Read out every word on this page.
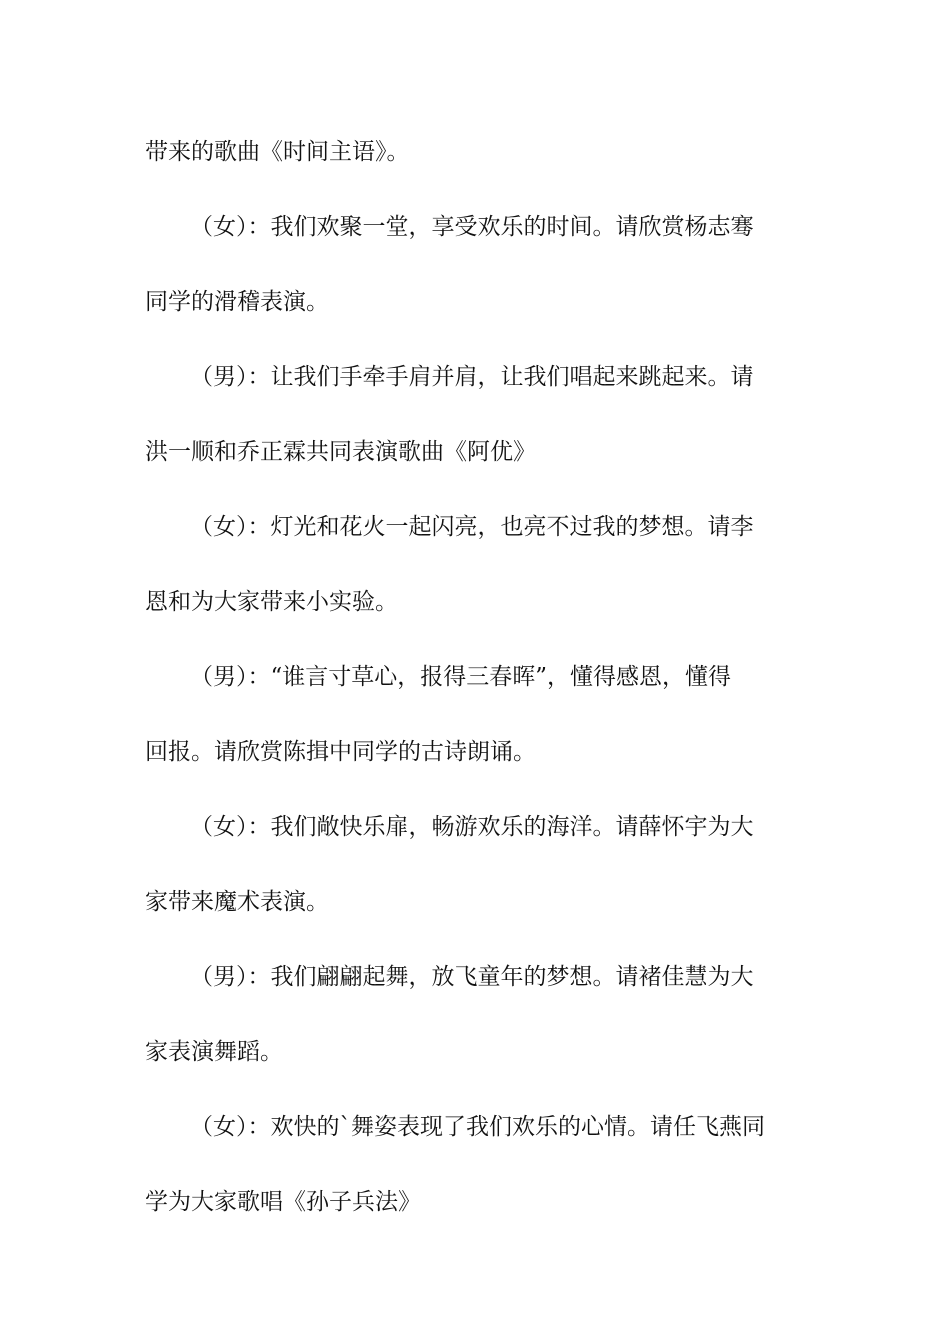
带来的歌曲《时间主语》。
（女）：我们欢聚一堂，享受欢乐的时间。请欣赏杨志骞
同学的滑稽表演。
（男）：让我们手牵手肩并肩，让我们唱起来跳起来。请
洪一顺和乔正霖共同表演歌曲《阿优》
（女）：灯光和花火一起闪亮，也亮不过我的梦想。请李
恩和为大家带来小实验。
（男）：“谁言寸草心，报得三春晖”，懂得感恩，懂得
回报。请欣赏陈揖中同学的古诗朗诵。
（女）：我们敞快乐扉，畅游欢乐的海洋。请薛怀宇为大
家带来魔术表演。
（男）：我们翩翩起舞，放飞童年的梦想。请褚佳慧为大
家表演舞蹈。
（女）：欢快的`舞姿表现了我们欢乐的心情。请任飞燕同
学为大家歌唱《孙子兵法》
